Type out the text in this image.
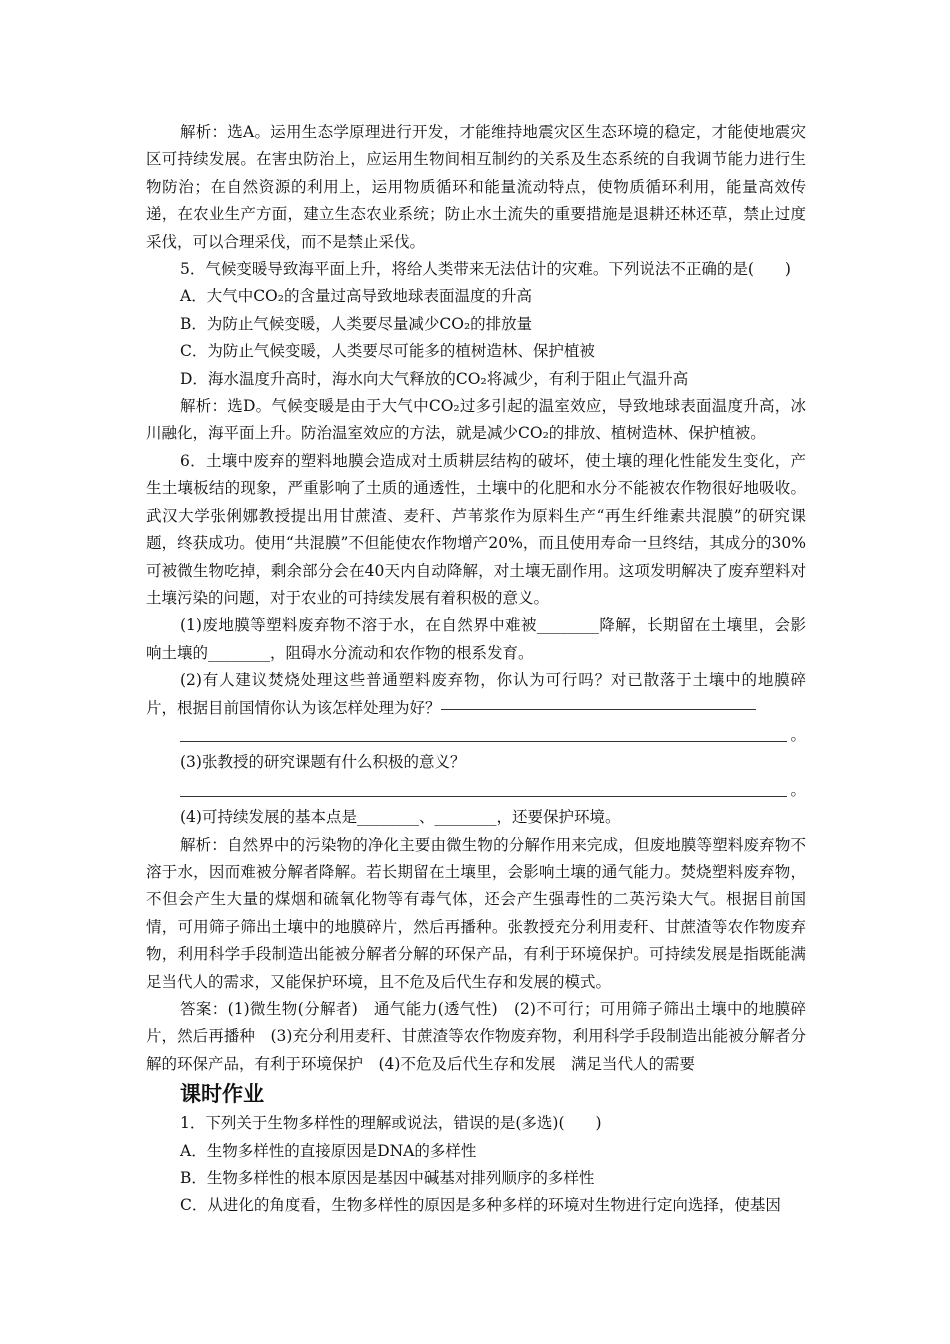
解析：选A。运用生态学原理进行开发，才能维持地震灾区生态环境的稳定，才能使地震灾区可持续发展。在害虫防治上，应运用生物间相互制约的关系及生态系统的自我调节能力进行生物防治；在自然资源的利用上，运用物质循环和能量流动特点，使物质循环利用，能量高效传递，在农业生产方面，建立生态农业系统；防止水土流失的重要措施是退耕还林还草，禁止过度采伐，可以合理采伐，而不是禁止采伐。

5．气候变暖导致海平面上升，将给人类带来无法估计的灾难。下列说法不正确的是(　　)

A．大气中CO₂的含量过高导致地球表面温度的升高

B．为防止气候变暖，人类要尽量减少CO₂的排放量

C．为防止气候变暖，人类要尽可能多的植树造林、保护植被

D．海水温度升高时，海水向大气释放的CO₂将减少，有利于阻止气温升高

解析：选D。气候变暖是由于大气中CO₂过多引起的温室效应，导致地球表面温度升高，冰川融化，海平面上升。防治温室效应的方法，就是减少CO₂的排放、植树造林、保护植被。

6．土壤中废弃的塑料地膜会造成对土质耕层结构的破坏，使土壤的理化性能发生变化，产生土壤板结的现象，严重影响了土质的通透性，土壤中的化肥和水分不能被农作物很好地吸收。武汉大学张俐娜教授提出用甘蔗渣、麦秆、芦苇浆作为原料生产“再生纤维素共混膜”的研究课题，终获成功。使用“共混膜”不但能使农作物增产20%，而且使用寿命一旦终结，其成分的30%可被微生物吃掉，剩余部分会在40天内自动降解，对土壤无副作用。这项发明解决了废弃塑料对土壤污染的问题，对于农业的可持续发展有着积极的意义。

(1)废地膜等塑料废弃物不溶于水，在自然界中难被________降解，长期留在土壤里，会影响土壤的________，阻碍水分流动和农作物的根系发育。

(2)有人建议焚烧处理这些普通塑料废弃物，你认为可行吗？对已散落于土壤中的地膜碎片，根据目前国情你认为该怎样处理为好？

。

(3)张教授的研究课题有什么积极的意义？

。

(4)可持续发展的基本点是________、________，还要保护环境。

解析：自然界中的污染物的净化主要由微生物的分解作用来完成，但废地膜等塑料废弃物不溶于水，因而难被分解者降解。若长期留在土壤里，会影响土壤的通气能力。焚烧塑料废弃物，不但会产生大量的煤烟和硫氧化物等有毒气体，还会产生强毒性的二英污染大气。根据目前国情，可用筛子筛出土壤中的地膜碎片，然后再播种。张教授充分利用麦秆、甘蔗渣等农作物废弃物，利用科学手段制造出能被分解者分解的环保产品，有利于环境保护。可持续发展是指既能满足当代人的需求，又能保护环境，且不危及后代生存和发展的模式。

答案：(1)微生物(分解者)　通气能力(透气性)　(2)不可行；可用筛子筛出土壤中的地膜碎片，然后再播种　(3)充分利用麦秆、甘蔗渣等农作物废弃物，利用科学手段制造出能被分解者分解的环保产品，有利于环境保护　(4)不危及后代生存和发展　满足当代人的需要

课时作业

1．下列关于生物多样性的理解或说法，错误的是(多选)(　　)

A．生物多样性的直接原因是DNA的多样性

B．生物多样性的根本原因是基因中碱基对排列顺序的多样性

C．从进化的角度看，生物多样性的原因是多种多样的环境对生物进行定向选择，使基因
